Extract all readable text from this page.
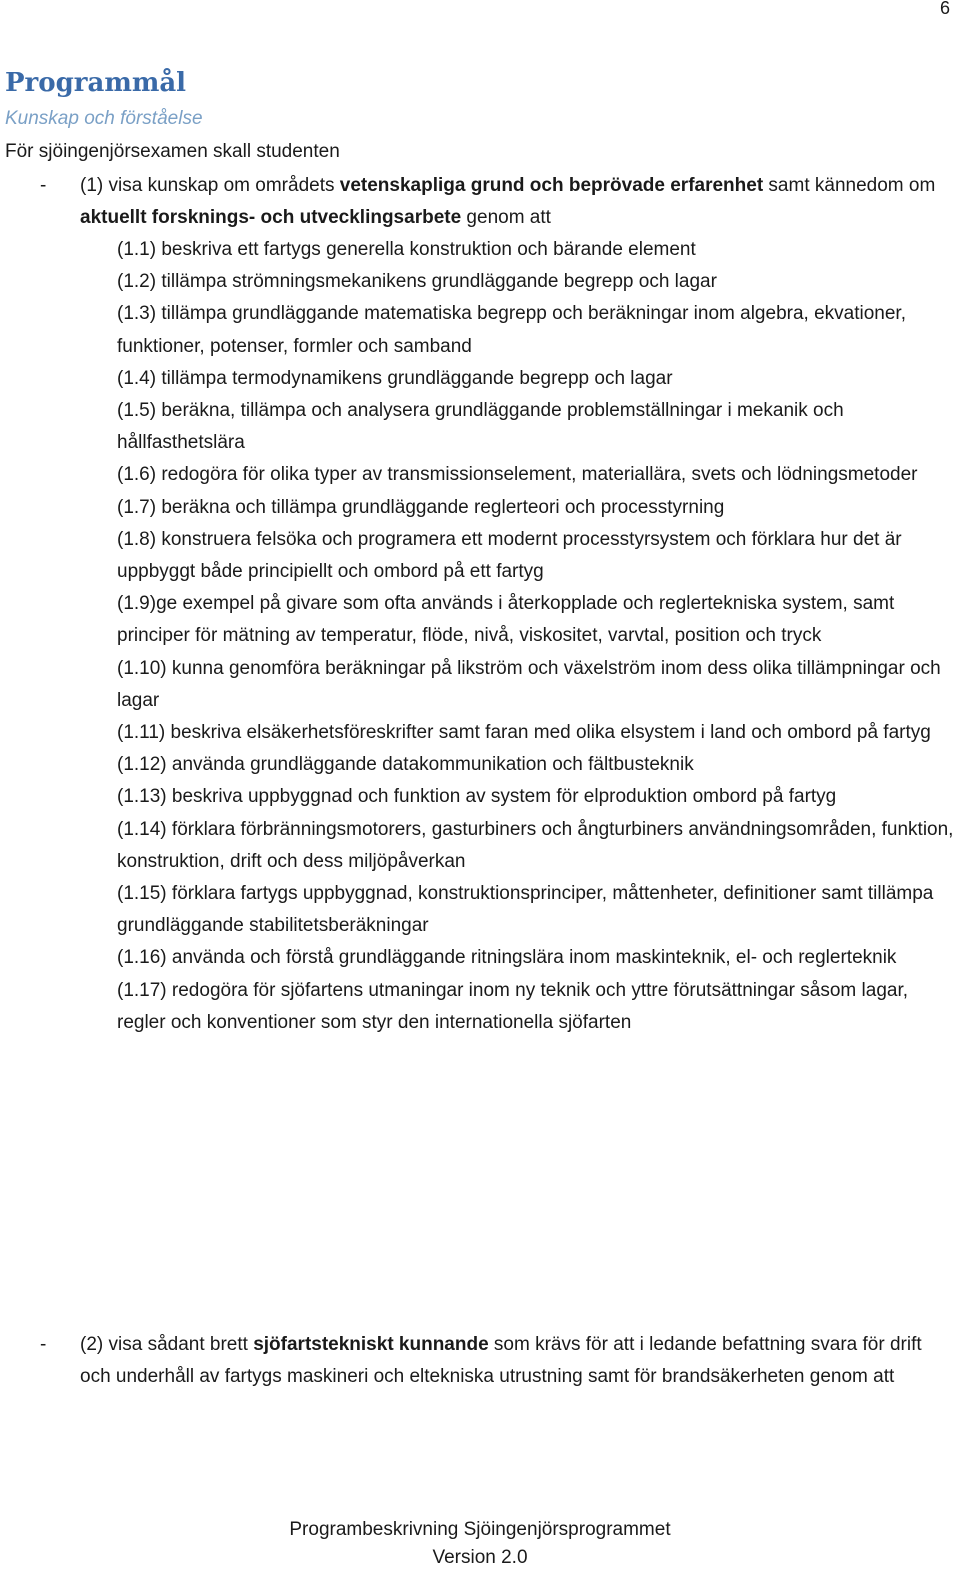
6
Programmål
Kunskap och förståelse
För sjöingenjörsexamen skall studenten
- (1) visa kunskap om områdets vetenskapliga grund och beprövade erfarenhet samt kännedom om aktuellt forsknings- och utvecklingsarbete genom att
(1.1) beskriva ett fartygs generella konstruktion och bärande element
(1.2) tillämpa strömningsmekanikens grundläggande begrepp och lagar
(1.3) tillämpa grundläggande matematiska begrepp och beräkningar inom algebra, ekvationer, funktioner, potenser, formler och samband
(1.4) tillämpa termodynamikens grundläggande begrepp och lagar
(1.5) beräkna, tillämpa och analysera grundläggande problemställningar i mekanik och hållfasthetslära
(1.6) redogöra för olika typer av transmissionselement, materiallära, svets och lödningsmetoder
(1.7) beräkna och tillämpa grundläggande reglerteori och processtyrning
(1.8) konstruera felsöka och programera ett modernt processtyrsystem och förklara hur det är uppbyggt både principiellt och ombord på ett fartyg
(1.9)ge exempel på givare som ofta används i återkopplade och reglertekniska system, samt principer för mätning av temperatur, flöde, nivå, viskositet, varvtal, position och tryck
(1.10) kunna genomföra beräkningar på likström och växelström inom dess olika tillämpningar och lagar
(1.11) beskriva elsäkerhetsföreskrifter samt faran med olika elsystem i land och ombord på fartyg
(1.12) använda grundläggande datakommunikation och fältbusteknik
(1.13) beskriva uppbyggnad och funktion av system för elproduktion ombord på fartyg
(1.14) förklara förbränningsmotorers, gasturbiners och ångturbiners användningsområden, funktion, konstruktion, drift och dess miljöpåverkan
(1.15) förklara fartygs uppbyggnad, konstruktionsprinciper, måttenheter, definitioner samt tillämpa grundläggande stabilitetsberäkningar
(1.16) använda och förstå grundläggande ritningslära inom maskinteknik, el- och reglerteknik
(1.17) redogöra för sjöfartens utmaningar inom ny teknik och yttre förutsättningar såsom lagar, regler och konventioner som styr den internationella sjöfarten
- (2) visa sådant brett sjöfartstekniskt kunnande som krävs för att i ledande befattning svara för drift och underhåll av fartygs maskineri och eltekniska utrustning samt för brandsäkerheten genom att
Programbeskrivning Sjöingenjörsprogrammet
Version 2.0
